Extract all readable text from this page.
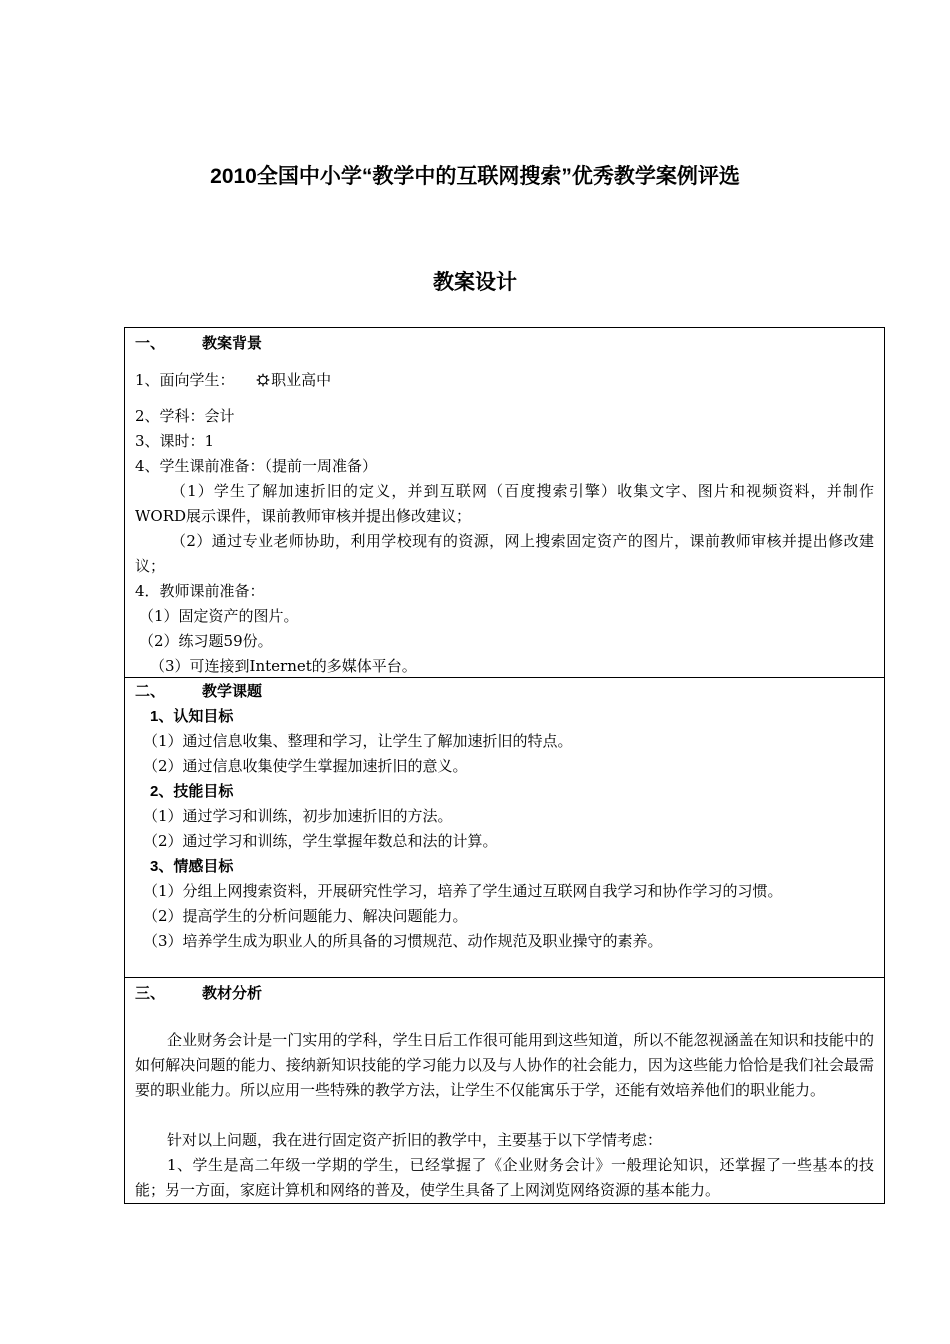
2010全国中小学“教学中的互联网搜索”优秀教学案例评选
教案设计
一、 教案背景
1、面向学生： 职业高中
2、学科：会计
3、课时：1
4、学生课前准备：（提前一周准备）
（1）学生了解加速折旧的定义，并到互联网（百度搜索引擎）收集文字、图片和视频资料，并制作WORD展示课件，课前教师审核并提出修改建议；
（2）通过专业老师协助，利用学校现有的资源，网上搜索固定资产的图片，课前教师审核并提出修改建议；
4．教师课前准备：
（1）固定资产的图片。
（2）练习题59份。
（3）可连接到Internet的多媒体平台。
二、 教学课题
1、认知目标
（1）通过信息收集、整理和学习，让学生了解加速折旧的特点。
（2）通过信息收集使学生掌握加速折旧的意义。
2、技能目标
（1）通过学习和训练，初步加速折旧的方法。
（2）通过学习和训练，学生掌握年数总和法的计算。
3、情感目标
（1）分组上网搜索资料，开展研究性学习，培养了学生通过互联网自我学习和协作学习的习惯。
（2）提高学生的分析问题能力、解决问题能力。
（3）培养学生成为职业人的所具备的习惯规范、动作规范及职业操守的素养。
三、 教材分析
企业财务会计是一门实用的学科，学生日后工作很可能用到这些知道，所以不能忽视涵盖在知识和技能中的如何解决问题的能力、接纳新知识技能的学习能力以及与人协作的社会能力，因为这些能力恰恰是我们社会最需要的职业能力。所以应用一些特殊的教学方法，让学生不仅能寓乐于学，还能有效培养他们的职业能力。
针对以上问题，我在进行固定资产折旧的教学中，主要基于以下学情考虑：
1、学生是高二年级一学期的学生，已经掌握了《企业财务会计》一般理论知识，还掌握了一些基本的技能；另一方面，家庭计算机和网络的普及，使学生具备了上网浏览网络资源的基本能力。
